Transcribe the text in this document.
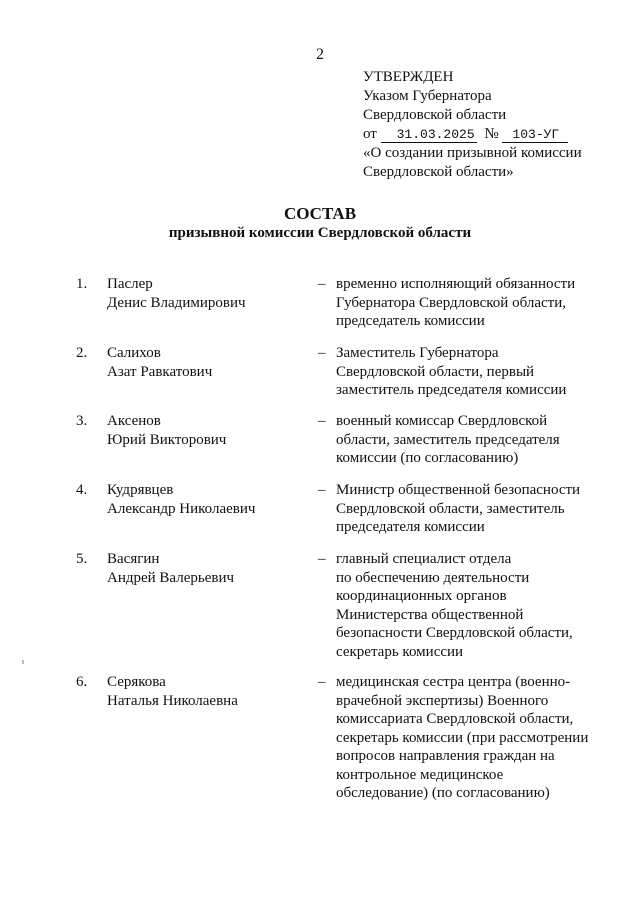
2
УТВЕРЖДЕН
Указом Губернатора
Свердловской области
от 31.03.2025 № 103-УГ
«О создании призывной комиссии
Свердловской области»
СОСТАВ
призывной комиссии Свердловской области
1. Паслер
Денис Владимирович
– временно исполняющий обязанности
Губернатора Свердловской области,
председатель комиссии
2. Салихов
Азат Равкатович
– Заместитель Губернатора
Свердловской области, первый
заместитель председателя комиссии
3. Аксенов
Юрий Викторович
– военный комиссар Свердловской
области, заместитель председателя
комиссии (по согласованию)
4. Кудрявцев
Александр Николаевич
– Министр общественной безопасности
Свердловской области, заместитель
председателя комиссии
5. Васягин
Андрей Валерьевич
– главный специалист отдела
по обеспечению деятельности
координационных органов
Министерства общественной
безопасности Свердловской области,
секретарь комиссии
6. Серякова
Наталья Николаевна
– медицинская сестра центра (военно-
врачебной экспертизы) Военного
комиссариата Свердловской области,
секретарь комиссии (при рассмотрении
вопросов направления граждан на
контрольное медицинское
обследование) (по согласованию)
